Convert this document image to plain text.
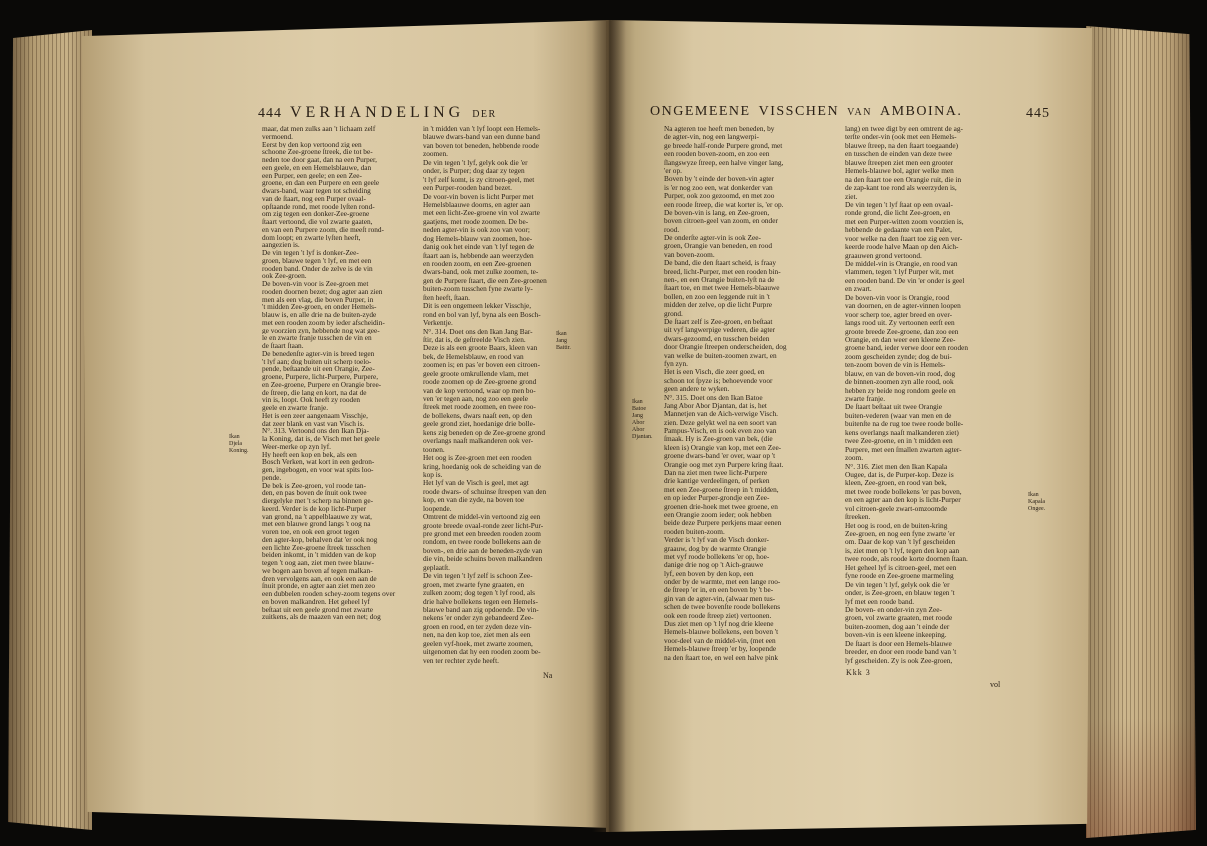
444 VERHANDELING DER	ONGEMEENE VISSCHEN VAN AMBOINA.	445
maar, dat men zulks aan 't lichaam zelf
vermoend.
Eerst by den kop vertoond zig een
schoone Zee-groene ſtreek, die tot be-
neden toe door gaat, dan na een Purper,
een geele, en een Hemelsblauwe, dan
een Purper, een geele; en een Zee-
groene, en dan een Purpere en een geele
dwars-band, waar tegen tot scheiding
van de ſtaart, nog een Purper ovaal-
opſtaande rond, met roode lyſten rond-
om zig tegen een donker-Zee-groene
ſtaart vertoond, die vol zwarte gaaten,
en van een Purpere zoom, die meeſt rond-
dom loopt; en zwarte lyſten heeft,
aangezien is.
De vin tegen 't lyf is donker-Zee-
groen, blauwe tegen 't lyf, en met een
rooden band. Onder de zelve is de vin
ook Zee-groen.
De boven-vin voor is Zee-groen met
rooden doornen bezet; dog agter aan zien
men als een vlag, die boven Purper, in
't midden Zee-groen, en onder Hemels-
blauw is, en alle drie na de buiten-zyde
met een rooden zoom by ieder afscheidin-
ge voorzien zyn, hebbende nog wat gee-
le en zwarte franje tusschen de vin en
de ſtaart ſtaan.
De benedenſte agter-vin is breed tegen
't lyf aan; dog buiten uit scherp toelo-
pende, beſtaande uit een Orangie, Zee-
groene, Purpere, licht-Purpere, Purpere,
en Zee-groene, Purpere en Orangie bree-
de ſtreep, die lang en kort, na dat de
vin is, loopt. Ook heeft zy rooden
geele en zwarte franje.
Het is een zeer aangenaam Visschje,
dat zeer blank en vast van Visch is.
N°. 313. Vertoond ons den Ikan Dja-
la Koning, dat is, de Visch met het geele
Weer-merke op zyn lyf.
Hy heeft een kop en bek, als een
Bosch Verken, wat kort in een gedron-
gen, ingebogen, en voor wat spits loo-
pende.
De bek is Zee-groen, vol roode tan-
den, en pas boven de ſnuit ook twee
diergelyke met 't scherp na binnen ge-
keerd. Verder is de kop licht-Purper
van grond, na 't appelblaauwe zy wat,
met een blauwe grond langs 't oog na
voren toe, en ook een groot tegen
den agter-kop, behalven dat 'er ook nog
een lichte Zee-groene ſtreek tusschen
beiden inkomt, in 't midden van de kop
tegen 't oog aan, ziet men twee blauw-
we bogen aan boven af tegen malkan-
dren vervolgens aan, en ook een aan de
ſnuit pronde, en agter aan ziet men zeo
een dubbelen rooden schey-zoom tegens over
en boven malkandren. Het geheel lyf
beſtaat uit een geele grond met zwarte
zuitkens, als de maazen van een net; dog
in 't midden van 't lyf loopt een Hemels-
blauwe dwars-band van een dunne band
van boven tot beneden, hebbende roode
zoomen.
De vin tegen 't lyf, gelyk ook die 'er
onder, is Purper; dog daar zy tegen
't lyf zelf komt, is zy citroen-geel, met
een Purper-rooden band bezet.
De voor-vin boven is licht Purper met
Hemelsblaauwe doorns, en agter aan
met een licht-Zee-groene vin vol zwarte
gaatjens, met roode zoomen. De be-
neden agter-vin is ook zoo van voor;
dog Hemels-blauw van zoomen, hoe-
danig ook het einde van 't lyf tegen de
ſtaart aan is, hebbende aan weerzyden
en rooden zoom, en een Zee-groenen
dwars-band, ook met zulke zoomen, te-
gen de Purpere ſtaart, die een Zee-groenen
buiten-zoom tusschen fyne zwarte ly-
ſten heeft, ſtaan.
Dit is een ongemeen lekker Visschje,
rond en bol van lyf, byna als een Bosch-
Verkentje.
N°. 314. Doet ons den Ikan Jang Bar-
ſtir, dat is, de geſtreelde Visch zien.
Deze is als een groote Baars, kleen van
bek, de Hemelsblauw, en rood van
zoomen is; en pas 'er boven een citroen-
geele groote omkrullende vlam, met
roode zoomen op de Zee-groene grond
van de kop vertoond, waar op men bo-
ven 'er tegen aan, nog zoo een geele
ſtreek met roode zoomen, en twee roo-
de bollekens, dwars naaſt een, op den
geele grond ziet, hoedanige drie bolle-
kens zig beneden op de Zee-groene grond
overlangs naaſt malkanderen ook ver-
toonen.
Het oog is Zee-groen met een rooden
kring, hoedanig ook de scheiding van de
kop is.
Het lyf van de Visch is geel, met agt
roode dwars- of schuinse ſtreepen van den
kop, en van die zyde, na boven toe
loopende.
Omtrent de middel-vin vertoond zig een
groote breede ovaal-ronde zeer licht-Pur-
pre grond met een breeden rooden zoom
rondom, en twee roode bollekens aan de
boven-, en drie aan de beneden-zyde van
die vin, beide schuins boven malkandren
geplaatſt.
De vin tegen 't lyf zelf is schoon Zee-
groen, met zwarte fyne graaten, en
zulken zoom; dog tegen 't lyf rood, als
drie halve bollekens tegen een Hemels-
blauwe band aan zig opdoende. De vin-
nekens 'er onder zyn gebandeerd Zee-
groen en rood, en ter zyden deze vin-
nen, na den kop toe, ziet men als een
geelen vyf-hoek, met zwarte zoomen,
uitgenomen dat hy een rooden zoom be-
ven ter rechter zyde heeft.
Na agteren toe heeft men beneden, by
de agter-vin, nog een langwerpi-
ge breede half-ronde Purpere grond, met
een rooden boven-zoom, en zoo een
ſlangswyze ſtreep, een halve vinger lang,
'er op.
Boven by 't einde der boven-vin agter
is 'er nog zoo een, wat donkerder van
Purper, ook zoo gezoomd, en met zoo
een roode ſtreep, die wat korter is, 'er op.
De boven-vin is lang, en Zee-groen,
boven citroen-geel van zoom, en onder
rood.
De onderſte agter-vin is ook Zee-
groen, Orangie van beneden, en rood
van boven-zoom.
De band, die den ſtaart scheid, is fraay
breed, licht-Purper, met een rooden bin-
nen-, en een Orangie buiten-lyſt na de
ſtaart toe, en met twee Hemels-blaauwe
bollen, en zoo een leggende ruit in 't
midden der zelve, op die licht Purpre
grond.
De ſtaart zelf is Zee-groen, en beſtaat
uit vyf langwerpige vederen, die agter
dwars-gezoomd, en tusschen beiden
door Orangie ſtreepen onderscheiden, dog
van welke de buiten-zoomen zwart, en
fyn zyn.
Het is een Visch, die zeer goed, en
schoon tot ſpyze is; behoevende voor
geen andere te wyken.
N°. 315. Doet ons den Ikan Batoe
Jang Abor Abor Djantan, dat is, het
Mannetjen van de Aich-verwige Visch.
zien. Deze gelykt wel na een soort van
Pampus-Visch, en is ook even zoo van
ſmaak. Hy is Zee-groen van bek, (die
kleen is) Orangie van kop, met een Zee-
groene dwars-band 'er over, waar op 't
Orangie oog met zyn Purpere kring ſtaat.
Dan na ziet men twee licht-Purpere
drie kantige verdeelingen, of perken
met een Zee-groene ſtreep in 't midden,
en op ieder Purper-grondje een Zee-
groenen drie-hoek met twee groene, en
een Orangie zoom ieder; ook hebben
beide deze Purpere perkjens maar eenen
rooden buiten-zoom.
Verder is 't lyf van de Visch donker-
graauw, dog by de warmte Orangie
met vyf roode bollekens 'er op, hoe-
danige drie nog op 't Aich-grauwe
lyf, een boven by den kop, een
onder by de warmte, met een lange roo-
de ſtreep 'er in, en een boven by 't be-
gin van de agter-vin, (alwaar men tus-
schen de twee bovenſte roode bollekens
ook een roode ſtreep ziet) vertoonen.
Dus ziet men op 't lyf nog drie kleene
Hemels-blauwe bollekens, een boven 't
voor-deel van de middel-vin, (met een
Hemels-blauwe ſtreep 'er by, loopende
na den ſtaart toe, en wel een halve pink
lang) en twee digt by een omtrent de ag-
terſte onder-vin (ook met een Hemels-
blauwe ſtreep, na den ſtaart toegaande)
en tusschen de einden van deze twee
blauwe ſtreepen ziet men een grooter
Hemels-blauwe bol, agter welke men
na den ſtaart toe een Orangie ruit, die in
de zap-kant toe rond als weerzyden is,
ziet.
De vin tegen 't lyf ſtaat op een ovaal-
ronde grond, die licht Zee-groen, en
met een Purper-witten zoom voorzien is,
hebbende de gedaante van een Palet,
voor welke na den ſtaart toe zig een ver-
keerde roode halve Maan op den Aich-
graauwen grond vertoond.
De middel-vin is Orangie, en rood van
vlammen, tegen 't lyf Purper wit, met
een rooden band. De vin 'er onder is geel
en zwart.
De boven-vin voor is Orangie, rood
van doornen, en de agter-vinnen loopen
voor scherp toe, agter breed en over-
langs rood uit. Zy vertoonen eerſt een
groote breede Zee-groene, dan zoo een
Orangie, en dan weer een kleene Zee-
groene band, ieder verwe door een rooden
zoom gescheiden zynde; dog de bui-
ten-zoom boven de vin is Hemels-
blauw, en van de boven-vin rood, dog
de binnen-zoomen zyn alle rood, ook
hebben zy beide nog rondom geele en
zwarte franje.
De ſtaart beſtaat uit twee Orangie
buiten-vederen (waar van men en de
buitenſte na de rug toe twee roode bolle-
kens overlangs naaſt malkanderen ziet)
twee Zee-groene, en in 't midden een
Purpere, met een ſmallen zwarten agter-
zoom.
N°. 316. Ziet men den Ikan Kapala
Ougee, dat is, de Purper-kop. Deze is
kleen, Zee-groen, en rood van bek,
met twee roode bollekens 'er pas boven,
en een agter aan den kop is licht-Purper
vol citroen-geele zwart-omzoomde
ſtreeken.
Het oog is rood, en de buiten-kring
Zee-groen, en nog een fyne zwarte 'er
om. Daar de kop van 't lyf gescheiden
is, ziet men op 't lyf, tegen den kop aan
twee roode, als roode korte doornen ſtaan.
Het geheel lyf is citroen-geel, met een
fyne roode en Zee-groene marmeling
De vin tegen 't lyf, gelyk ook die 'er
onder, is Zee-groen, en blauw tegen 't
lyf met een roode band.
De boven- en onder-vin zyn Zee-
groen, vol zwarte graaten, met roode
buiten-zoomen, dog aan 't einde der
boven-vin is een kleene inkeeping.
De ſtaart is door een Hemels-blauwe
breeder, en door een roode band van 't
lyf gescheiden. Zy is ook Zee-groen,
Ikan
Djela
Koning.
Ikan
Jang
Baitir.
Ikan
Batoe
Jang
Abor
Abor
Djantan.
Ikan
Kapala
Ongee.
Na	Kkk 3
vol
